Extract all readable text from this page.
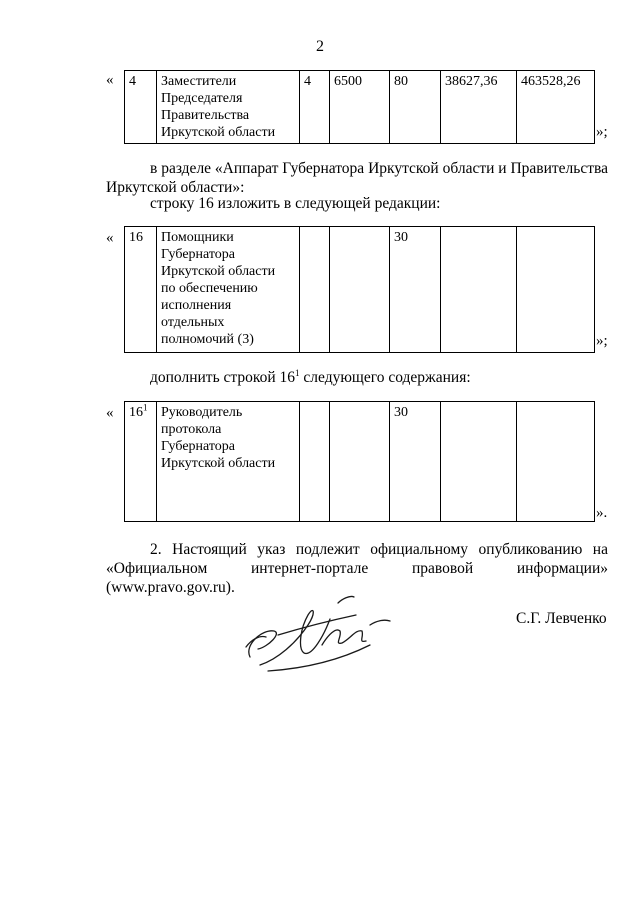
2
« 4	Заместители
Председателя
Правительства
Иркутской области
	4	6500	80	38627,36	463528,26
»;
в разделе «Аппарат Губернатора Иркутской области и Правительства Иркутской области»:
строку 16 изложить в следующей редакции:
« 16	Помощники
Губернатора
Иркутской области
по обеспечению
исполнения
отдельных
полномочий (3)
			30		
»;
дополнить строкой $16^1$ следующего содержания:
« $16^1$	Руководитель
протокола
Губернатора
Иркутской области
			30		
».
2. Настоящий указ подлежит официальному опубликованию на «Официальном интернет-портале правовой информации» (www.pravo.gov.ru).
С.Г. Левченко
